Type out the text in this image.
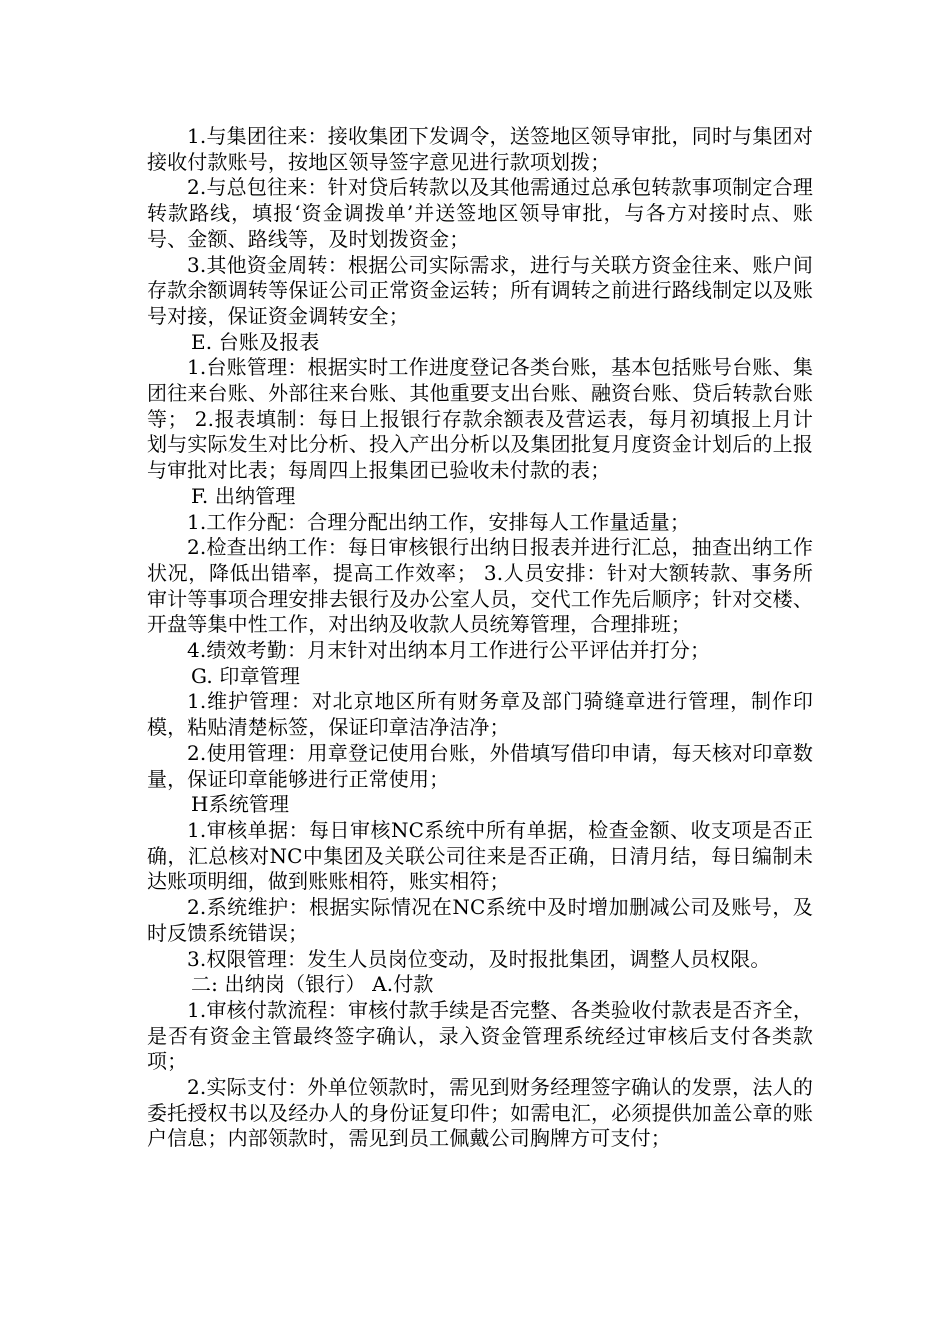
1.与集团往来：接收集团下发调令，送签地区领导审批，同时与集团对接收付款账号，按地区领导签字意见进行款项划拨；

2.与总包往来：针对贷后转款以及其他需通过总承包转款事项制定合理转款路线，填报‘资金调拨单’并送签地区领导审批，与各方对接时点、账号、金额、路线等，及时划拨资金；

3.其他资金周转：根据公司实际需求，进行与关联方资金往来、账户间存款余额调转等保证公司正常资金运转；所有调转之前进行路线制定以及账号对接，保证资金调转安全；

E. 台账及报表

1.台账管理：根据实时工作进度登记各类台账，基本包括账号台账、集团往来台账、外部往来台账、其他重要支出台账、融资台账、贷后转款台账等； 2.报表填制：每日上报银行存款余额表及营运表，每月初填报上月计划与实际发生对比分析、投入产出分析以及集团批复月度资金计划后的上报与审批对比表；每周四上报集团已验收未付款的表；

F. 出纳管理

1.工作分配：合理分配出纳工作，安排每人工作量适量；

2.检查出纳工作：每日审核银行出纳日报表并进行汇总，抽查出纳工作状况，降低出错率，提高工作效率； 3.人员安排：针对大额转款、事务所审计等事项合理安排去银行及办公室人员，交代工作先后顺序；针对交楼、开盘等集中性工作，对出纳及收款人员统筹管理，合理排班；

4.绩效考勤：月末针对出纳本月工作进行公平评估并打分；

G. 印章管理

1.维护管理：对北京地区所有财务章及部门骑缝章进行管理，制作印模，粘贴清楚标签，保证印章洁净洁净；

2.使用管理：用章登记使用台账，外借填写借印申请，每天核对印章数量，保证印章能够进行正常使用；

H系统管理

1.审核单据：每日审核NC系统中所有单据，检查金额、收支项是否正确，汇总核对NC中集团及关联公司往来是否正确，日清月结，每日编制未达账项明细，做到账账相符，账实相符；

2.系统维护：根据实际情况在NC系统中及时增加删减公司及账号，及时反馈系统错误；

3.权限管理：发生人员岗位变动，及时报批集团，调整人员权限。

二: 出纳岗（银行） A.付款

1.审核付款流程：审核付款手续是否完整、各类验收付款表是否齐全，是否有资金主管最终签字确认，录入资金管理系统经过审核后支付各类款项；

2.实际支付：外单位领款时，需见到财务经理签字确认的发票，法人的委托授权书以及经办人的身份证复印件；如需电汇，必须提供加盖公章的账户信息；内部领款时，需见到员工佩戴公司胸牌方可支付；
